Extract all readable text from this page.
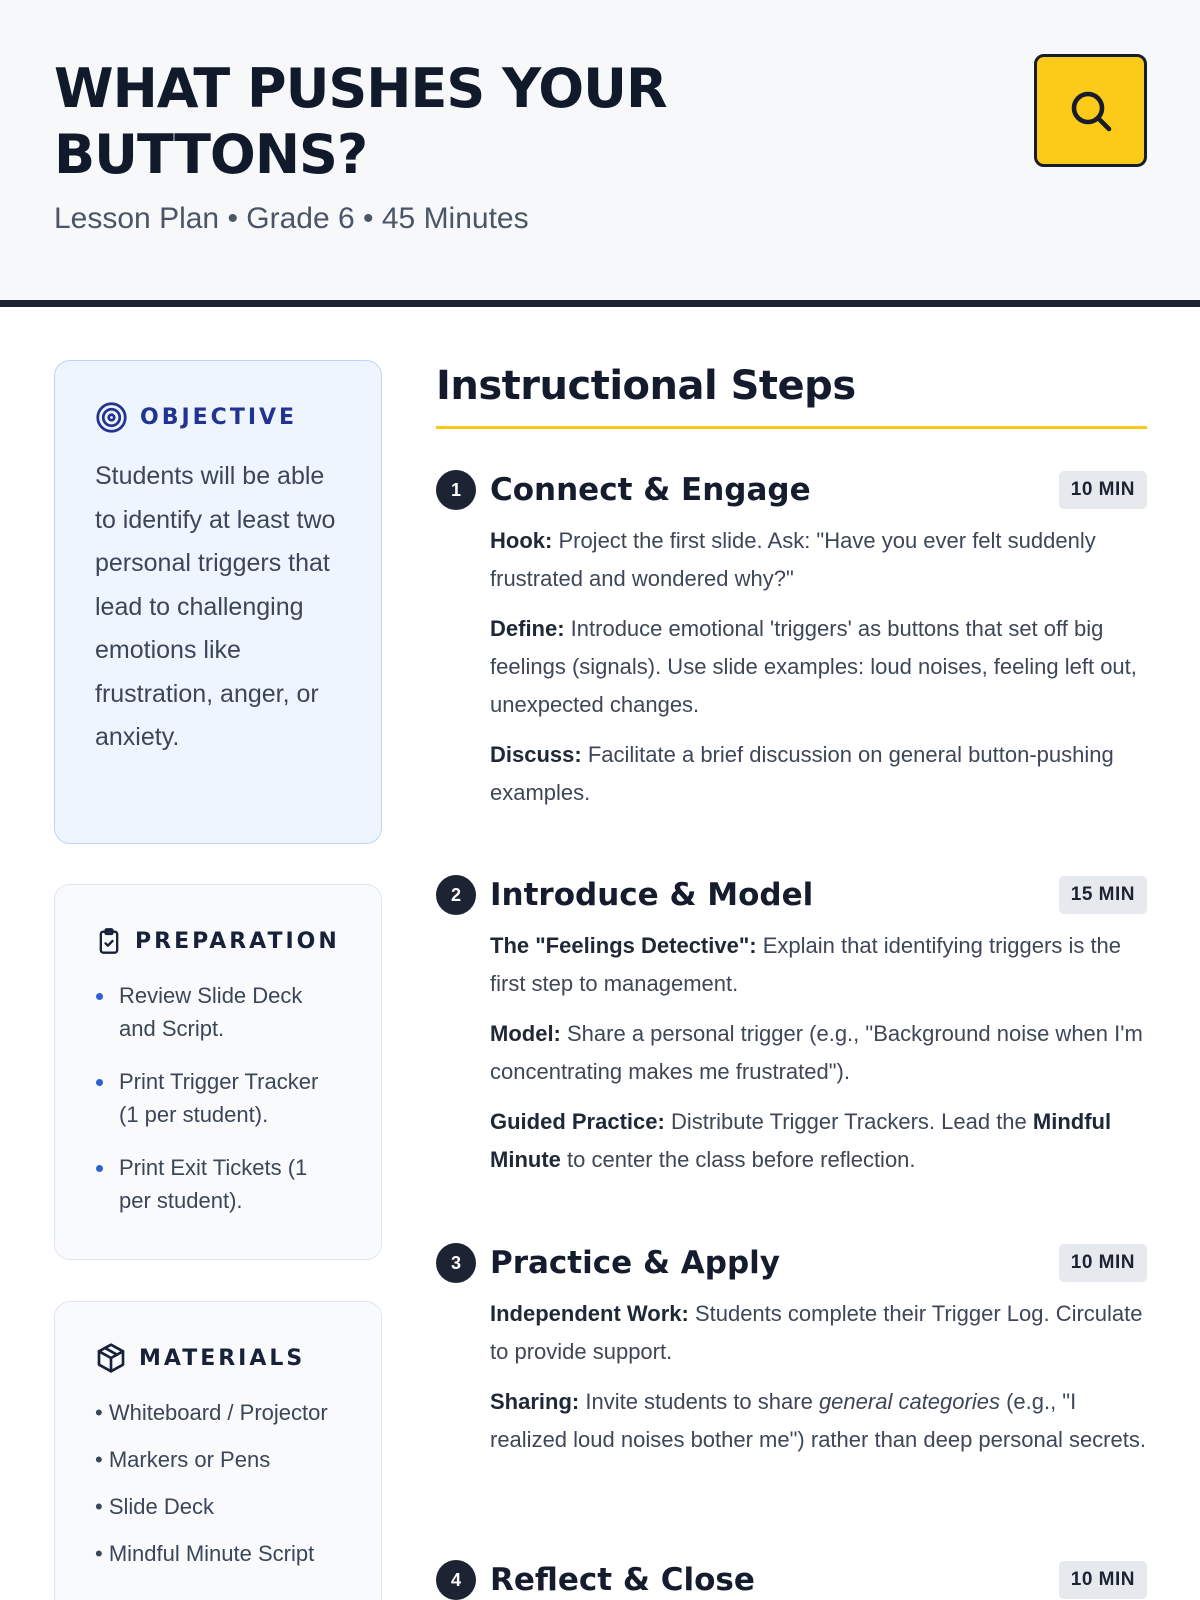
WHAT PUSHES YOUR
BUTTONS?
Lesson Plan • Grade 6 • 45 Minutes
OBJECTIVE

Students will be able to identify at least two personal triggers that lead to challenging emotions like frustration, anger, or anxiety.

PREPARATION
Review Slide Deck and Script.
Print Trigger Tracker (1 per student).
Print Exit Tickets (1 per student).
MATERIALS
• Whiteboard / Projector
• Markers or Pens
• Slide Deck
• Mindful Minute Script
Instructional Steps
1 Connect & Engage	10 MIN

Hook: Project the first slide. Ask: "Have you ever felt suddenly frustrated and wondered why?"

Define: Introduce emotional 'triggers' as buttons that set off big feelings (signals). Use slide examples: loud noises, feeling left out, unexpected changes.

Discuss: Facilitate a brief discussion on general button-pushing examples.

2 Introduce & Model	15 MIN

The "Feelings Detective": Explain that identifying triggers is the first step to management.

Model: Share a personal trigger (e.g., "Background noise when I'm concentrating makes me frustrated").

Guided Practice: Distribute Trigger Trackers. Lead the Mindful Minute to center the class before reflection.

3 Practice & Apply	10 MIN

Independent Work: Students complete their Trigger Log. Circulate to provide support.

Sharing: Invite students to share general categories (e.g., "I realized loud noises bother me") rather than deep personal secrets.

4 Reflect & Close	10 MIN
